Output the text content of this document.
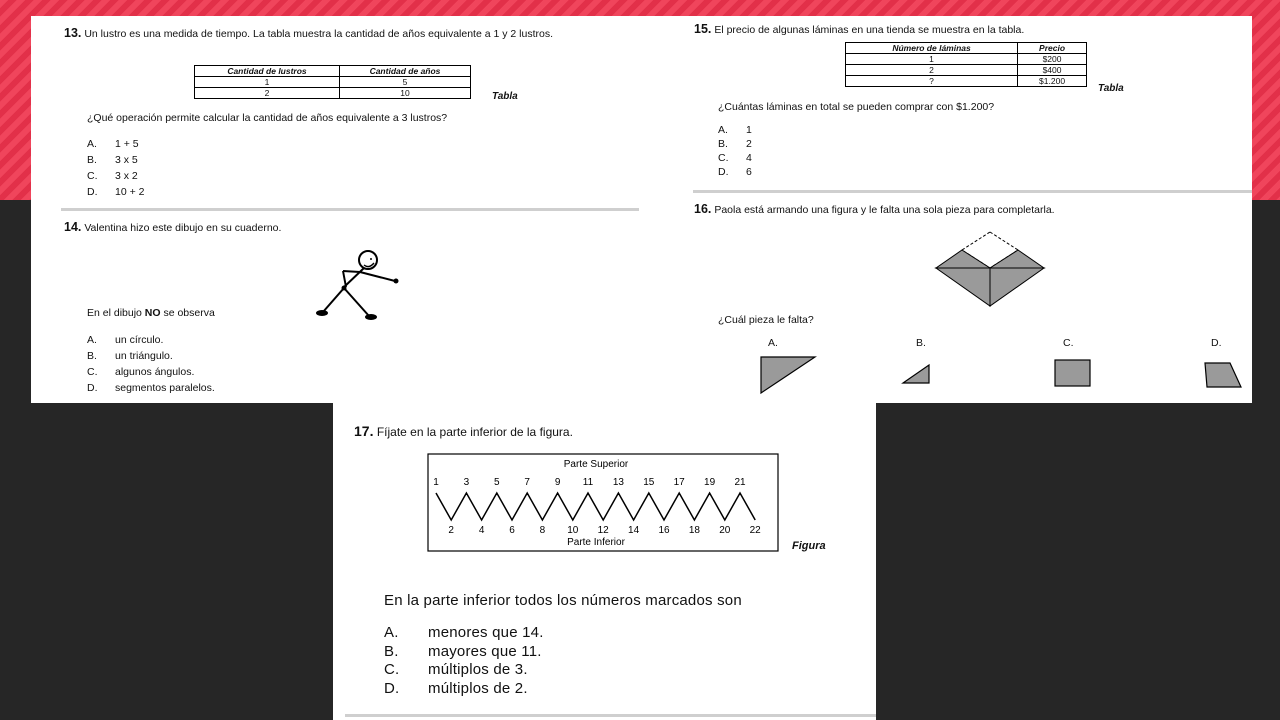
13. Un lustro es una medida de tiempo. La tabla muestra la cantidad de años equivalente a 1 y 2 lustros.
Cantidad de lustros	Cantidad de años
1	5
2	10	Tabla
¿Qué operación permite calcular la cantidad de años equivalente a 3 lustros?
A. 1 + 5
B. 3 x 5
C. 3 x 2
D. 10 + 2
14. Valentina hizo este dibujo en su cuaderno.
En el dibujo NO se observa
A. un círculo.
B. un triángulo.
C. algunos ángulos.
D. segmentos paralelos.
15. El precio de algunas láminas en una tienda se muestra en la tabla.
Número de láminas	Precio
1	$200
2	$400
?	$1.200
Tabla
¿Cuántas láminas en total se pueden comprar con $1.200?
A. 1
B. 2
C. 4
D. 6
16. Paola está armando una figura y le falta una sola pieza para completarla.
¿Cuál pieza le falta?
A.	B.	C.	D.
17. Fíjate en la parte inferior de la figura.
Parte Superior
Parte Inferior
1 3 5 7 9 11 13 15 17 19 21
2 4 6 8 10 12 14 16 18 20 22
Figura
En la parte inferior todos los números marcados son
A. menores que 14.
B. mayores que 11.
C. múltiplos de 3.
D. múltiplos de 2.
